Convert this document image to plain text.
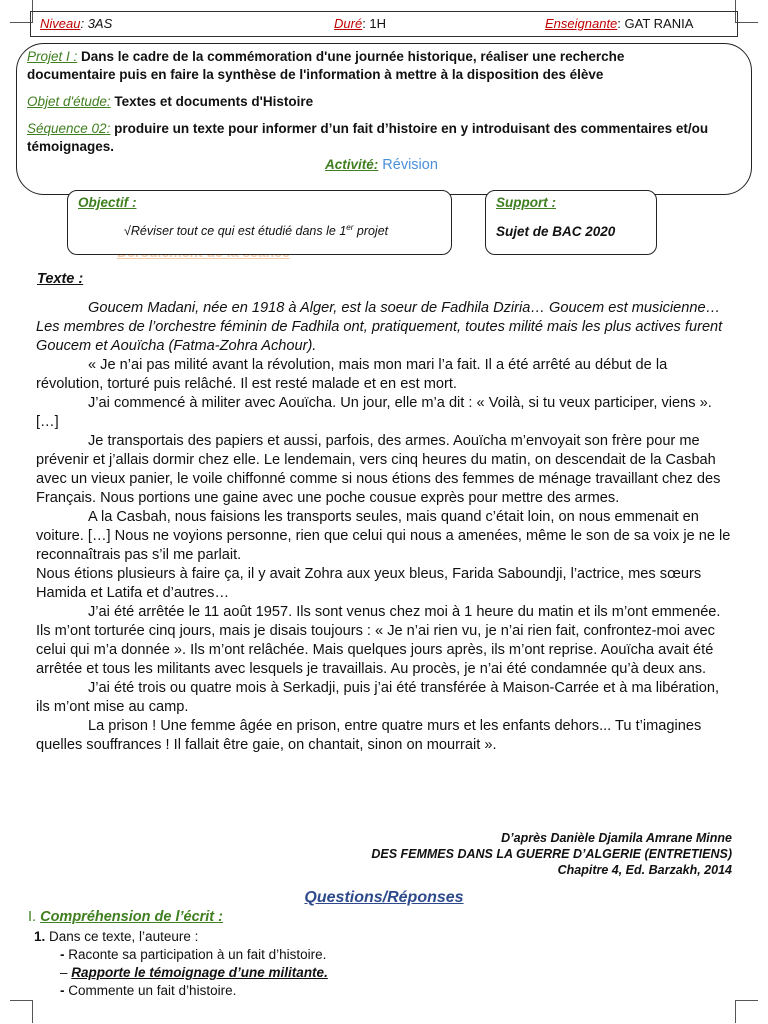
Niveau: 3AS	Duré: 1H	Enseignante: GAT RANIA
Projet I : Dans le cadre de la commémoration d'une journée historique, réaliser une recherche
documentaire puis en faire la synthèse de l'information à mettre à la disposition des élève
Objet d'étude: Textes et documents d'Histoire
Séquence 02: produire un texte pour informer d’un fait d’histoire en y introduisant des commentaires et/ou
témoignages.
Activité: Révision
Objectif :
√Réviser tout ce qui est étudié dans le 1er projet
Support :
Sujet de BAC 2020
Texte :

Goucem Madani, née en 1918 à Alger, est la soeur de Fadhila Dziria… Goucem est musicienne… Les membres de l’orchestre féminin de Fadhila ont, pratiquement, toutes milité mais les plus actives furent Goucem et Aouïcha (Fatma-Zohra Achour).

« Je n’ai pas milité avant la révolution, mais mon mari l’a fait. Il a été arrêté au début de la révolution, torturé puis relâché. Il est resté malade et en est mort.

J’ai commencé à militer avec Aouïcha. Un jour, elle m’a dit : « Voilà, si tu veux participer, viens ». […]

Je transportais des papiers et aussi, parfois, des armes. Aouïcha m’envoyait son frère pour me prévenir et j’allais dormir chez elle. Le lendemain, vers cinq heures du matin, on descendait de la Casbah avec un vieux panier, le voile chiffonné comme si nous étions des femmes de ménage travaillant chez des Français. Nous portions une gaine avec une poche cousue exprès pour mettre des armes.

A la Casbah, nous faisions les transports seules, mais quand c’était loin, on nous emmenait en voiture. […] Nous ne voyions personne, rien que celui qui nous a amenées, même le son de sa voix je ne le reconnaîtrais pas s’il me parlait.

Nous étions plusieurs à faire ça, il y avait Zohra aux yeux bleus, Farida Saboundji, l’actrice, mes sœurs Hamida et Latifa et d’autres…

J’ai été arrêtée le 11 août 1957. Ils sont venus chez moi à 1 heure du matin et ils m’ont emmenée.

Ils m’ont torturée cinq jours, mais je disais toujours : « Je n’ai rien vu, je n’ai rien fait, confrontez-moi avec celui qui m’a donnée ». Ils m’ont relâchée. Mais quelques jours après, ils m’ont reprise. Aouïcha avait été arrêtée et tous les militants avec lesquels je travaillais. Au procès, je n’ai été condamnée qu’à deux ans.

J’ai été trois ou quatre mois à Serkadji, puis j’ai été transférée à Maison-Carrée et à ma libération, ils m’ont mise au camp.

La prison ! Une femme âgée en prison, entre quatre murs et les enfants dehors... Tu t’imagines quelles souffrances ! Il fallait être gaie, on chantait, sinon on mourrait ».

D’après Danièle Djamila Amrane Minne
DES FEMMES DANS LA GUERRE D’ALGERIE (ENTRETIENS)
Chapitre 4, Ed. Barzakh, 2014
Questions/Réponses
I. Compréhension de l’écrit :
1. Dans ce texte, l’auteure :
- Raconte sa participation à un fait d’histoire.
– Rapporte le témoignage d’une militante.
- Commente un fait d’histoire.
